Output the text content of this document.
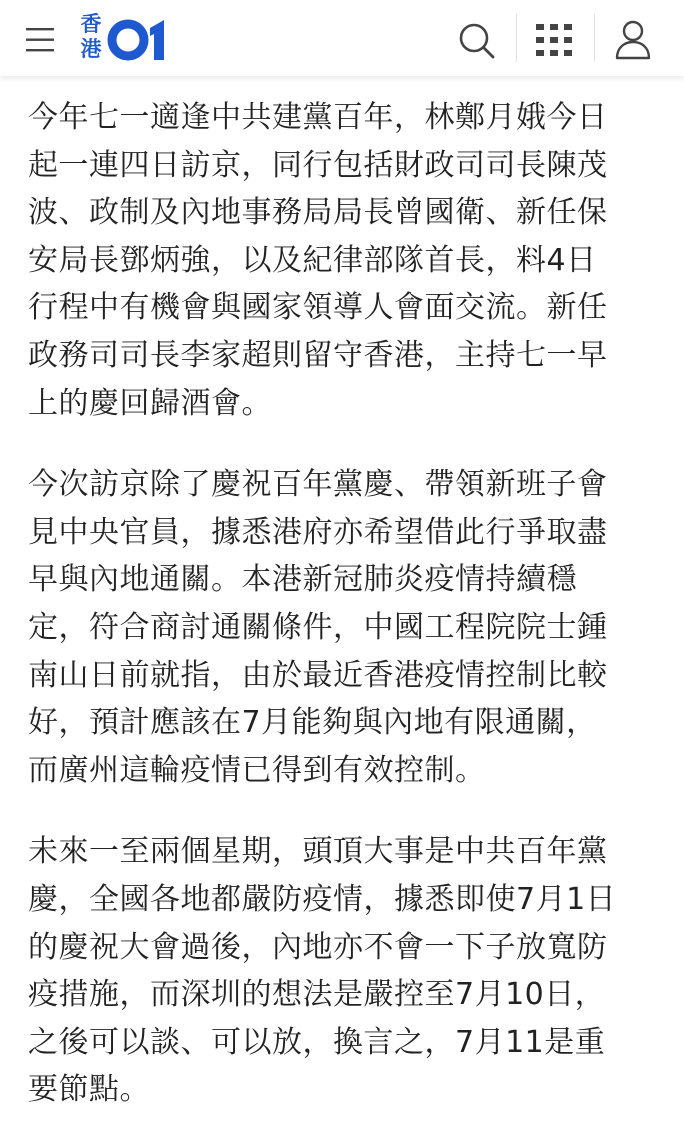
香
港

今年七一適逢中共建黨百年，林鄭月娥今日
起一連四日訪京，同行包括財政司司長陳茂
波、政制及內地事務局局長曾國衛、新任保
安局長鄧炳強，以及紀律部隊首長，料4日
行程中有機會與國家領導人會面交流。新任
政務司司長李家超則留守香港，主持七一早
上的慶回歸酒會。

今次訪京除了慶祝百年黨慶、帶領新班子會
見中央官員，據悉港府亦希望借此行爭取盡
早與內地通關。本港新冠肺炎疫情持續穩
定，符合商討通關條件，中國工程院院士鍾
南山日前就指，由於最近香港疫情控制比較
好，預計應該在7月能夠與內地有限通關，
而廣州這輪疫情已得到有效控制。

未來一至兩個星期，頭頂大事是中共百年黨
慶，全國各地都嚴防疫情，據悉即使7月1日
的慶祝大會過後，內地亦不會一下子放寬防
疫措施，而深圳的想法是嚴控至7月10日，
之後可以談、可以放，換言之，7月11是重
要節點。
